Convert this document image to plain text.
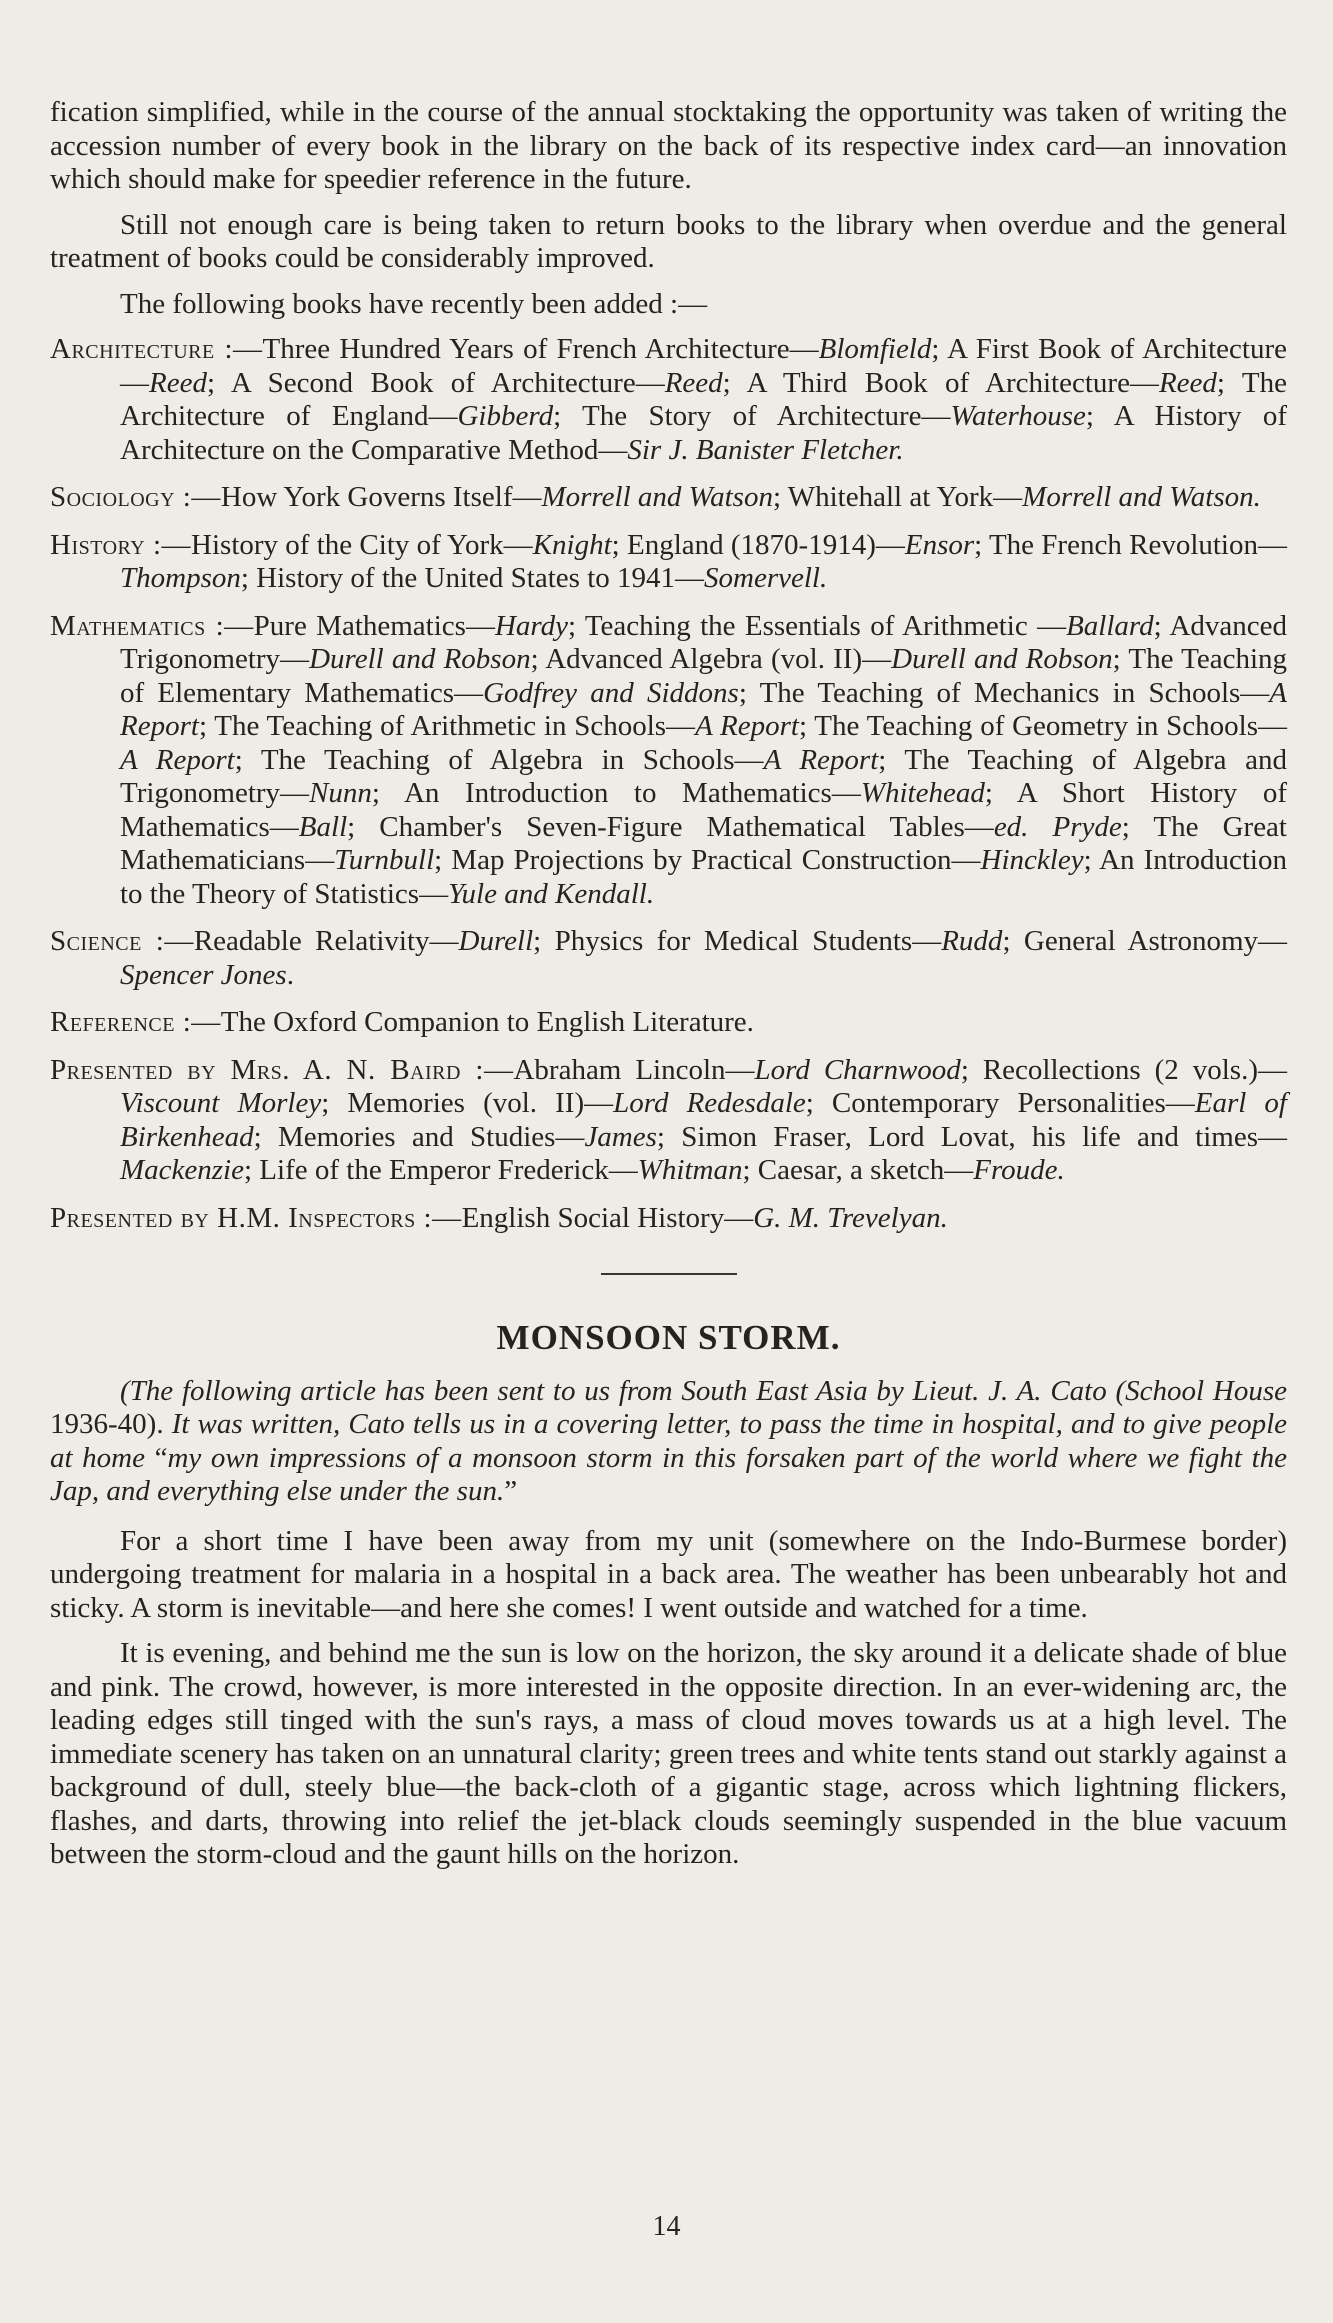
fication simplified, while in the course of the annual stocktaking the opportunity was taken of writing the accession number of every book in the library on the back of its respective index card—an innovation which should make for speedier reference in the future.

Still not enough care is being taken to return books to the library when overdue and the general treatment of books could be considerably improved.

The following books have recently been added :—

Architecture :—Three Hundred Years of French Architecture—Blomfield; A First Book of Architecture—Reed; A Second Book of Architecture—Reed; A Third Book of Architecture—Reed; The Architecture of England—Gibberd; The Story of Architecture—Waterhouse; A History of Architecture on the Comparative Method—Sir J. Banister Fletcher.

Sociology :—How York Governs Itself—Morrell and Watson; Whitehall at York—Morrell and Watson.

History :—History of the City of York—Knight; England (1870-1914)—Ensor; The French Revolution—Thompson; History of the United States to 1941—Somervell.

Mathematics :—Pure Mathematics—Hardy; Teaching the Essentials of Arithmetic —Ballard; Advanced Trigonometry—Durell and Robson; Advanced Algebra (vol. II)—Durell and Robson; The Teaching of Elementary Mathematics—Godfrey and Siddons; The Teaching of Mechanics in Schools—A Report; The Teaching of Arithmetic in Schools—A Report; The Teaching of Geometry in Schools—A Report; The Teaching of Algebra in Schools—A Report; The Teaching of Algebra and Trigonometry—Nunn; An Introduction to Mathematics—Whitehead; A Short History of Mathematics—Ball; Chamber's Seven-Figure Mathematical Tables—ed. Pryde; The Great Mathematicians—Turnbull; Map Projections by Practical Construction—Hinckley; An Introduction to the Theory of Statistics—Yule and Kendall.

Science :—Readable Relativity—Durell; Physics for Medical Students—Rudd; General Astronomy—Spencer Jones.

Reference :—The Oxford Companion to English Literature.

Presented by Mrs. A. N. Baird :—Abraham Lincoln—Lord Charnwood; Recollections (2 vols.)—Viscount Morley; Memories (vol. II)—Lord Redesdale; Contemporary Personalities—Earl of Birkenhead; Memories and Studies—James; Simon Fraser, Lord Lovat, his life and times—Mackenzie; Life of the Emperor Frederick—Whitman; Caesar, a sketch—Froude.

Presented by H.M. Inspectors :—English Social History—G. M. Trevelyan.

MONSOON STORM.

(The following article has been sent to us from South East Asia by Lieut. J. A. Cato (School House 1936-40). It was written, Cato tells us in a covering letter, to pass the time in hospital, and to give people at home “my own impressions of a monsoon storm in this forsaken part of the world where we fight the Jap, and everything else under the sun.”

For a short time I have been away from my unit (somewhere on the Indo-Burmese border) undergoing treatment for malaria in a hospital in a back area. The weather has been unbearably hot and sticky. A storm is inevitable—and here she comes! I went outside and watched for a time.

It is evening, and behind me the sun is low on the horizon, the sky around it a delicate shade of blue and pink. The crowd, however, is more interested in the opposite direction. In an ever-widening arc, the leading edges still tinged with the sun's rays, a mass of cloud moves towards us at a high level. The immediate scenery has taken on an unnatural clarity; green trees and white tents stand out starkly against a background of dull, steely blue—the back-cloth of a gigantic stage, across which lightning flickers, flashes, and darts, throwing into relief the jet-black clouds seemingly suspended in the blue vacuum between the storm-cloud and the gaunt hills on the horizon.

14
